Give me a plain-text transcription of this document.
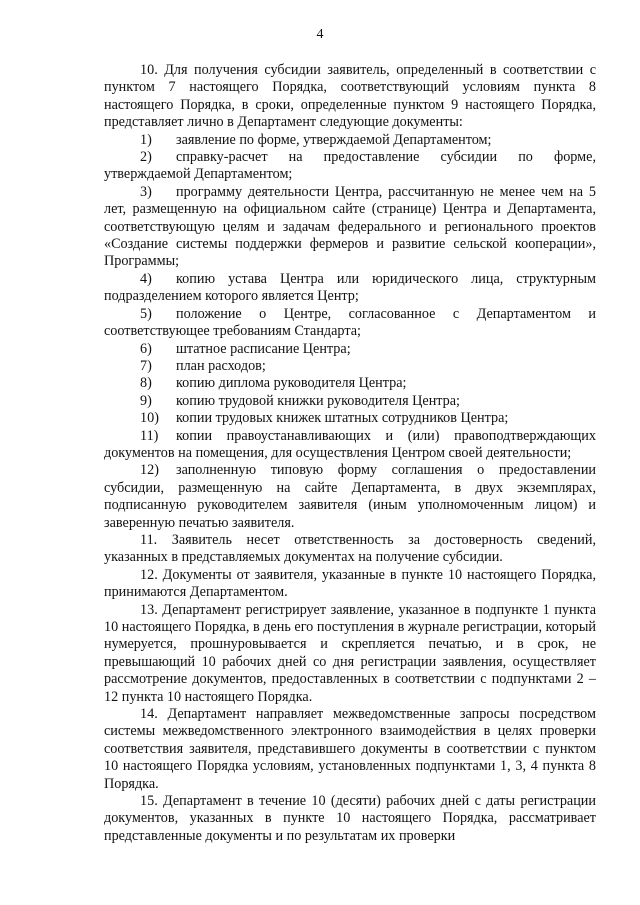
4

10. Для получения субсидии заявитель, определенный в соответствии с пунктом 7 настоящего Порядка, соответствующий условиям пункта 8 настоящего Порядка, в сроки, определенные пунктом 9 настоящего Порядка, представляет лично в Департамент следующие документы:

1) заявление по форме, утверждаемой Департаментом;

2) справку-расчет на предоставление субсидии по форме, утверждаемой Департаментом;

3) программу деятельности Центра, рассчитанную не менее чем на 5 лет, размещенную на официальном сайте (странице) Центра и Департамента, соответствующую целям и задачам федерального и регионального проектов «Создание системы поддержки фермеров и развитие сельской кооперации», Программы;

4) копию устава Центра или юридического лица, структурным подразделением которого является Центр;

5) положение о Центре, согласованное с Департаментом и соответствующее требованиям Стандарта;

6) штатное расписание Центра;

7) план расходов;

8) копию диплома руководителя Центра;

9) копию трудовой книжки руководителя Центра;

10) копии трудовых книжек штатных сотрудников Центра;

11) копии правоустанавливающих и (или) правоподтверждающих документов на помещения, для осуществления Центром своей деятельности;

12) заполненную типовую форму соглашения о предоставлении субсидии, размещенную на сайте Департамента, в двух экземплярах, подписанную руководителем заявителя (иным уполномоченным лицом) и заверенную печатью заявителя.

11. Заявитель несет ответственность за достоверность сведений, указанных в представляемых документах на получение субсидии.

12. Документы от заявителя, указанные в пункте 10 настоящего Порядка, принимаются Департаментом.

13. Департамент регистрирует заявление, указанное в подпункте 1 пункта 10 настоящего Порядка, в день его поступления в журнале регистрации, который нумеруется, прошнуровывается и скрепляется печатью, и в срок, не превышающий 10 рабочих дней со дня регистрации заявления, осуществляет рассмотрение документов, предоставленных в соответствии с подпунктами 2 – 12 пункта 10 настоящего Порядка.

14. Департамент направляет межведомственные запросы посредством системы межведомственного электронного взаимодействия в целях проверки соответствия заявителя, представившего документы в соответствии с пунктом 10 настоящего Порядка условиям, установленных подпунктами 1, 3, 4 пункта 8 Порядка.

15. Департамент в течение 10 (десяти) рабочих дней с даты регистрации документов, указанных в пункте 10 настоящего Порядка, рассматривает представленные документы и по результатам их проверки
